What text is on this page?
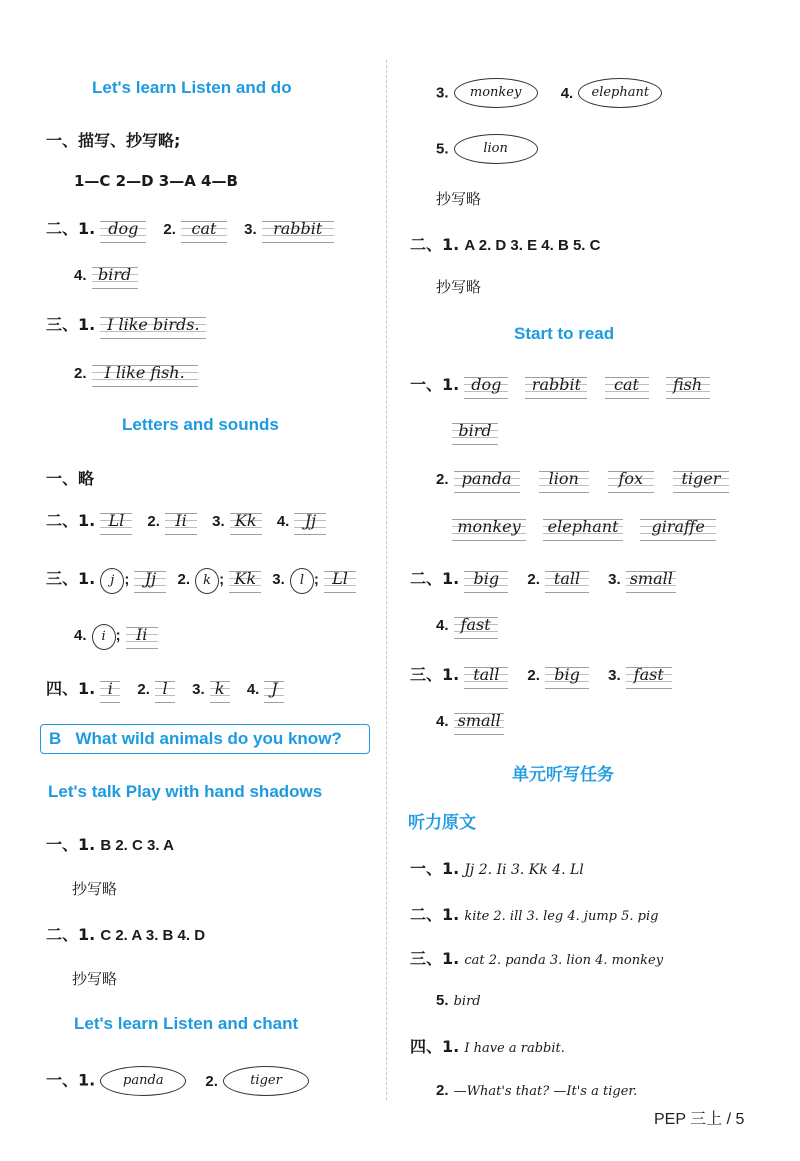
Let's learn Listen and do
一、描写、抄写略;
1—C 2—D 3—A 4—B
二、1. dog 2. cat 3. rabbit
4. bird
三、1. I like birds.
2. I like fish.
Letters and sounds
一、略
二、1. Ll 2. Ii 3. Kk 4. Jj
三、1. j ; Jj 2. k ; Kk 3. l ; Ll
4. i ; Ii
四、1. i 2. l 3. k 4. J
B What wild animals do you know?
Let's talk Play with hand shadows
一、1. B 2. C 3. A
抄写略
二、1. C 2. A 3. B 4. D
抄写略
Let's learn Listen and chant
一、1. panda	2. tiger
3. monkey	4. elephant
5.	lion
抄写略
二、1. A 2. D 3. E 4. B 5. C
抄写略
Start to read
一、1. dog rabbit cat fish
bird
2. panda lion fox tiger
monkey elephant giraffe
二、1. big 2. tall 3. small
4. fast
三、1. tall 2. big 3. fast
4. small
单元听写任务
听力原文
一、1. Jj 2. Ii 3. Kk 4. Ll
二、1. kite 2. ill 3. leg 4. jump 5. pig
三、1. cat 2. panda 3. lion 4. monkey
5. bird
四、1. I have a rabbit.
2. —What's that? —It's a tiger.
PEP 三上 / 5
